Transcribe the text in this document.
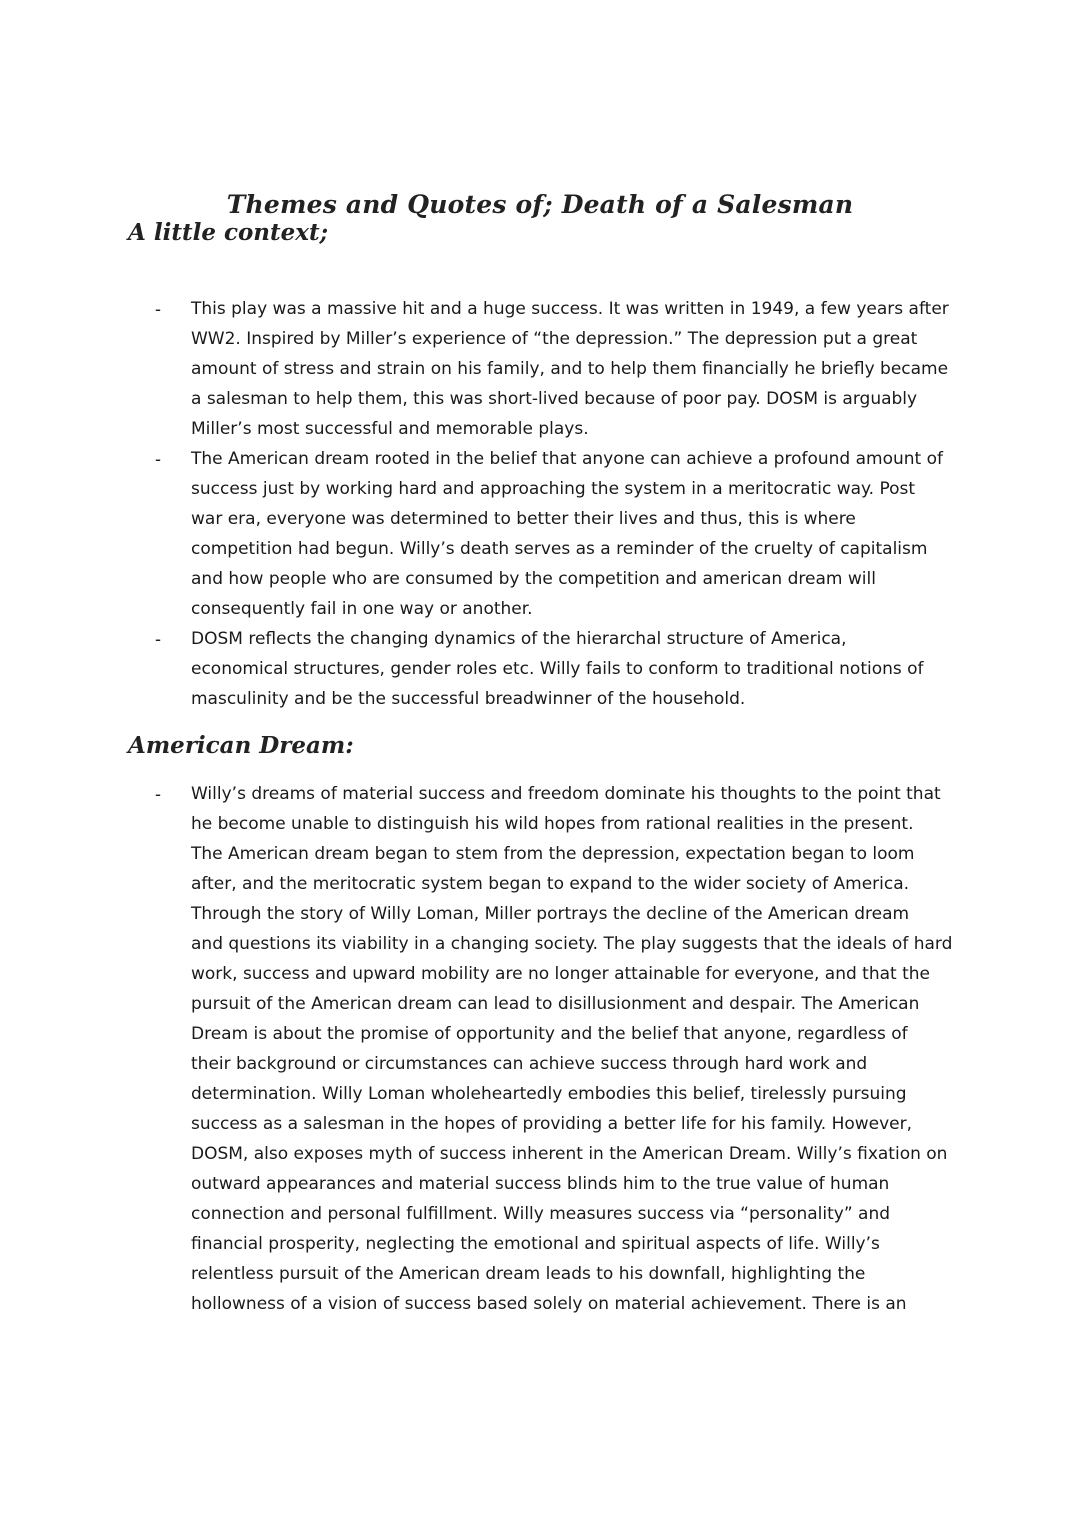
Themes and Quotes of; Death of a Salesman
A little context;
- This play was a massive hit and a huge success. It was written in 1949, a few years after
WW2. Inspired by Miller’s experience of “the depression.” The depression put a great
amount of stress and strain on his family, and to help them financially he briefly became
a salesman to help them, this was short-lived because of poor pay. DOSM is arguably
Miller’s most successful and memorable plays.
- The American dream rooted in the belief that anyone can achieve a profound amount of
success just by working hard and approaching the system in a meritocratic way. Post
war era, everyone was determined to better their lives and thus, this is where
competition had begun. Willy’s death serves as a reminder of the cruelty of capitalism
and how people who are consumed by the competition and american dream will
consequently fail in one way or another.
- DOSM reflects the changing dynamics of the hierarchal structure of America,
economical structures, gender roles etc. Willy fails to conform to traditional notions of
masculinity and be the successful breadwinner of the household.
American Dream:
- Willy’s dreams of material success and freedom dominate his thoughts to the point that
he become unable to distinguish his wild hopes from rational realities in the present.
The American dream began to stem from the depression, expectation began to loom
after, and the meritocratic system began to expand to the wider society of America.
Through the story of Willy Loman, Miller portrays the decline of the American dream
and questions its viability in a changing society. The play suggests that the ideals of hard
work, success and upward mobility are no longer attainable for everyone, and that the
pursuit of the American dream can lead to disillusionment and despair. The American
Dream is about the promise of opportunity and the belief that anyone, regardless of
their background or circumstances can achieve success through hard work and
determination. Willy Loman wholeheartedly embodies this belief, tirelessly pursuing
success as a salesman in the hopes of providing a better life for his family. However,
DOSM, also exposes myth of success inherent in the American Dream. Willy’s fixation on
outward appearances and material success blinds him to the true value of human
connection and personal fulfillment. Willy measures success via “personality” and
financial prosperity, neglecting the emotional and spiritual aspects of life. Willy’s
relentless pursuit of the American dream leads to his downfall, highlighting the
hollowness of a vision of success based solely on material achievement. There is an
